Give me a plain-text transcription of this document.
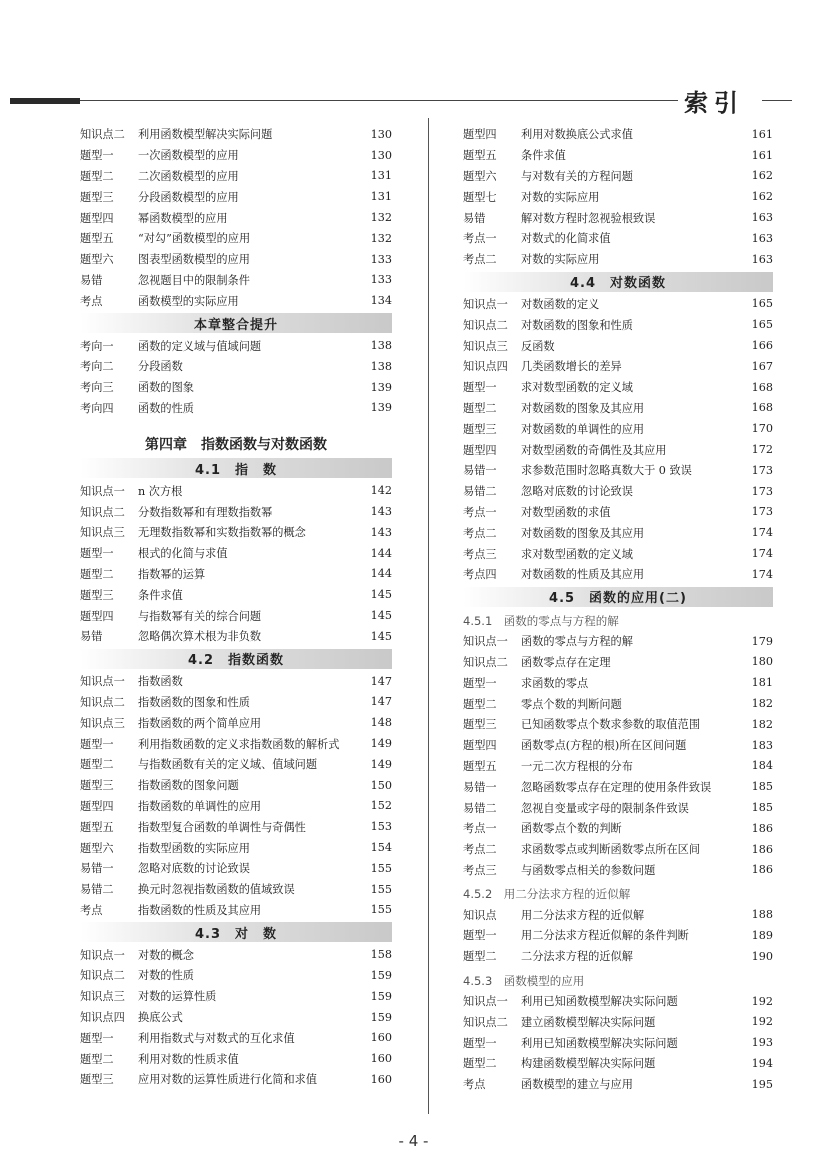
索引
知识点二	利用函数模型解决实际问题	130
题型一	一次函数模型的应用	130
题型二	二次函数模型的应用	131
题型三	分段函数模型的应用	131
题型四	幂函数模型的应用	132
题型五	“对勾”函数模型的应用	132
题型六	图表型函数模型的应用	133
易错	忽视题目中的限制条件	133
考点	函数模型的实际应用	134
本章整合提升
考向一	函数的定义域与值域问题	138
考向二	分段函数	138
考向三	函数的图象	139
考向四	函数的性质	139
第四章　指数函数与对数函数
4.1　指　数
知识点一	n 次方根	142
知识点二	分数指数幂和有理数指数幂	143
知识点三	无理数指数幂和实数指数幂的概念	143
题型一	根式的化简与求值	144
题型二	指数幂的运算	144
题型三	条件求值	145
题型四	与指数幂有关的综合问题	145
易错	忽略偶次算术根为非负数	145
4.2　指数函数
知识点一	指数函数	147
知识点二	指数函数的图象和性质	147
知识点三	指数函数的两个简单应用	148
题型一	利用指数函数的定义求指数函数的解析式	149
题型二	与指数函数有关的定义域、值域问题	149
题型三	指数函数的图象问题	150
题型四	指数函数的单调性的应用	152
题型五	指数型复合函数的单调性与奇偶性	153
题型六	指数型函数的实际应用	154
易错一	忽略对底数的讨论致误	155
易错二	换元时忽视指数函数的值域致误	155
考点	指数函数的性质及其应用	155
4.3　对　数
知识点一	对数的概念	158
知识点二	对数的性质	159
知识点三	对数的运算性质	159
知识点四	换底公式	159
题型一	利用指数式与对数式的互化求值	160
题型二	利用对数的性质求值	160
题型三	应用对数的运算性质进行化简和求值	160
题型四	利用对数换底公式求值	161
题型五	条件求值	161
题型六	与对数有关的方程问题	162
题型七	对数的实际应用	162
易错	解对数方程时忽视验根致误	163
考点一	对数式的化简求值	163
考点二	对数的实际应用	163
4.4　对数函数
知识点一	对数函数的定义	165
知识点二	对数函数的图象和性质	165
知识点三	反函数	166
知识点四	几类函数增长的差异	167
题型一	求对数型函数的定义域	168
题型二	对数函数的图象及其应用	168
题型三	对数函数的单调性的应用	170
题型四	对数型函数的奇偶性及其应用	172
易错一	求参数范围时忽略真数大于 0 致误	173
易错二	忽略对底数的讨论致误	173
考点一	对数型函数的求值	173
考点二	对数函数的图象及其应用	174
考点三	求对数型函数的定义域	174
考点四	对数函数的性质及其应用	174
4.5　函数的应用(二)
4.5.1　函数的零点与方程的解
知识点一	函数的零点与方程的解	179
知识点二	函数零点存在定理	180
题型一	求函数的零点	181
题型二	零点个数的判断问题	182
题型三	已知函数零点个数求参数的取值范围	182
题型四	函数零点(方程的根)所在区间问题	183
题型五	一元二次方程根的分布	184
易错一	忽略函数零点存在定理的使用条件致误	185
易错二	忽视自变量或字母的限制条件致误	185
考点一	函数零点个数的判断	186
考点二	求函数零点或判断函数零点所在区间	186
考点三	与函数零点相关的参数问题	186
4.5.2　用二分法求方程的近似解
知识点	用二分法求方程的近似解	188
题型一	用二分法求方程近似解的条件判断	189
题型二	二分法求方程的近似解	190
4.5.3　函数模型的应用
知识点一	利用已知函数模型解决实际问题	192
知识点二	建立函数模型解决实际问题	192
题型一	利用已知函数模型解决实际问题	193
题型二	构建函数模型解决实际问题	194
考点	函数模型的建立与应用	195
- 4 -
